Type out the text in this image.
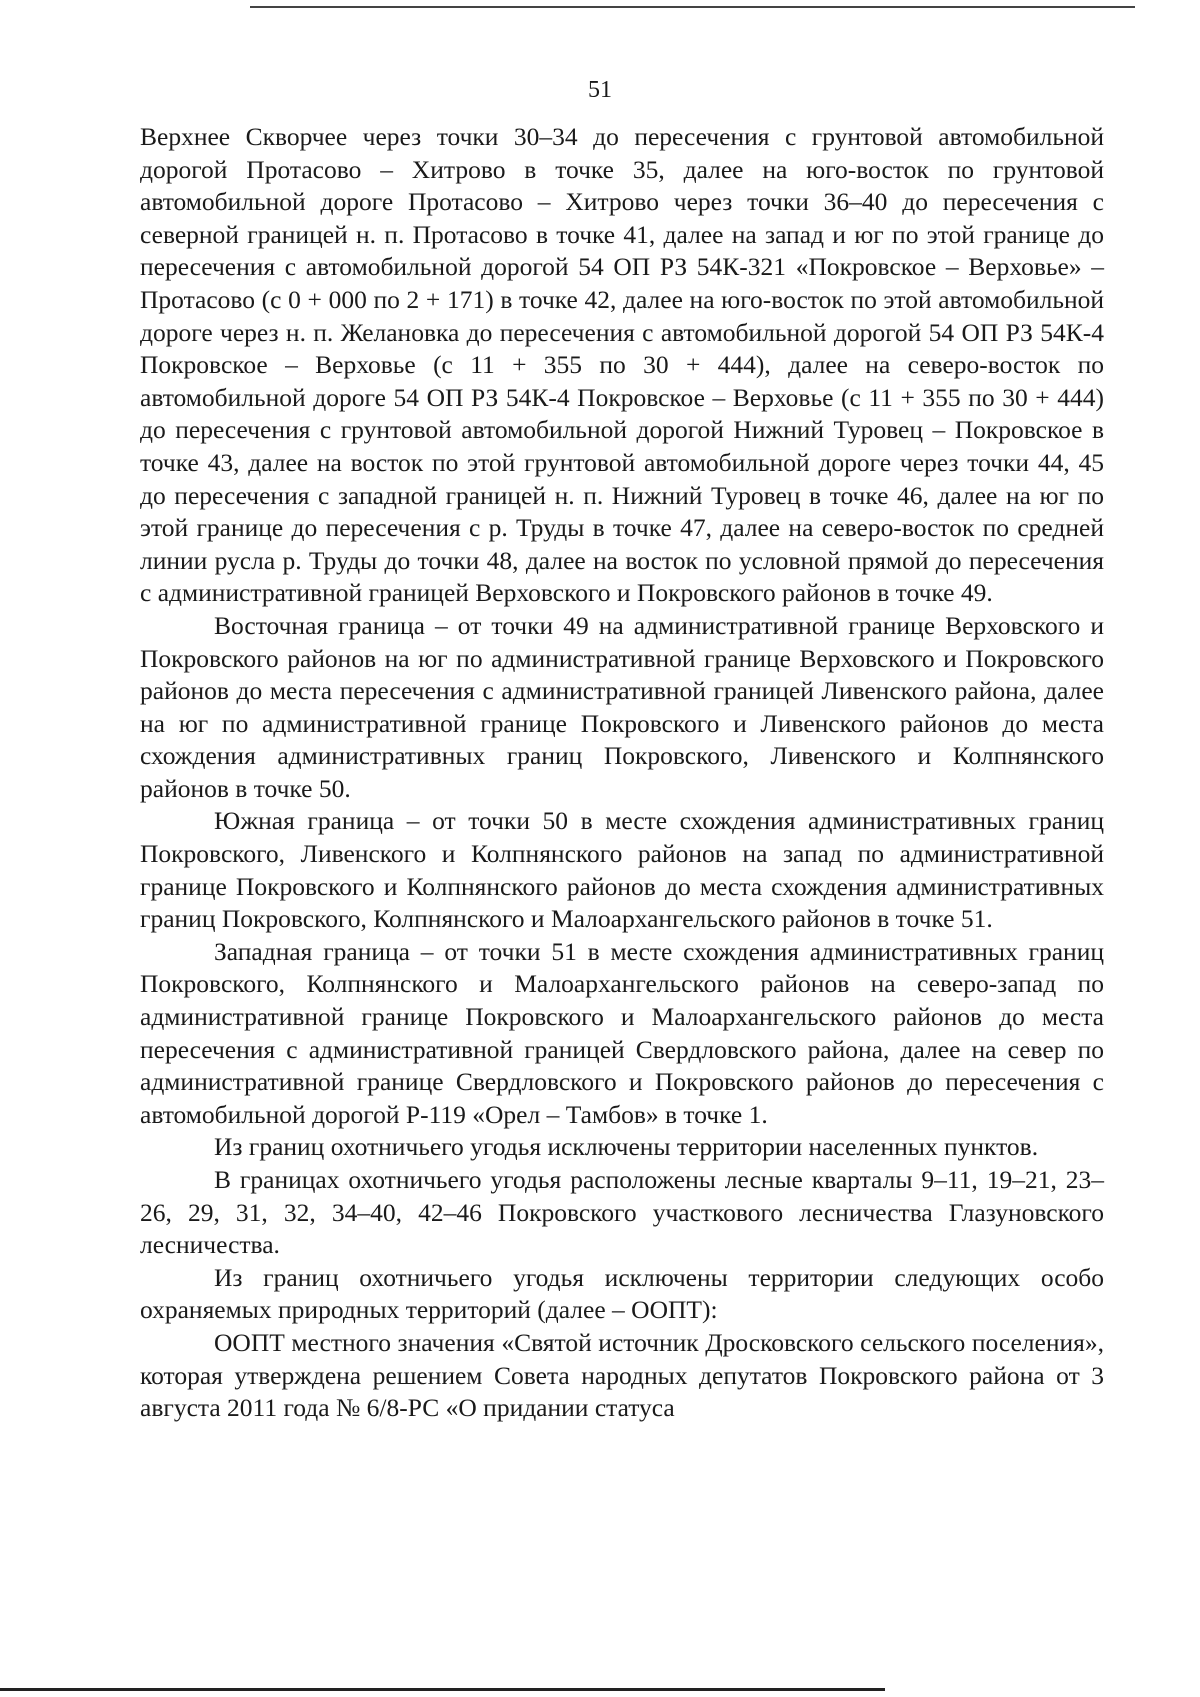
51

Верхнее Скворчее через точки 30–34 до пересечения с грунтовой автомобильной дорогой Протасово – Хитрово в точке 35, далее на юго-восток по грунтовой автомобильной дороге Протасово – Хитрово через точки 36–40 до пересечения с северной границей н. п. Протасово в точке 41, далее на запад и юг по этой границе до пересечения с автомобильной дорогой 54 ОП РЗ 54К-321 «Покровское – Верховье» – Протасово (с 0 + 000 по 2 + 171) в точке 42, далее на юго-восток по этой автомобильной дороге через н. п. Желановка до пересечения с автомобильной дорогой 54 ОП РЗ 54К-4 Покровское – Верховье (с 11 + 355 по 30 + 444), далее на северо-восток по автомобильной дороге 54 ОП РЗ 54К-4 Покровское – Верховье (с 11 + 355 по 30 + 444) до пересечения с грунтовой автомобильной дорогой Нижний Туровец – Покровское в точке 43, далее на восток по этой грунтовой автомобильной дороге через точки 44, 45 до пересечения с западной границей н. п. Нижний Туровец в точке 46, далее на юг по этой границе до пересечения с р. Труды в точке 47, далее на северо-восток по средней линии русла р. Труды до точки 48, далее на восток по условной прямой до пересечения с административной границей Верховского и Покровского районов в точке 49.

Восточная граница – от точки 49 на административной границе Верховского и Покровского районов на юг по административной границе Верховского и Покровского районов до места пересечения с административной границей Ливенского района, далее на юг по административной границе Покровского и Ливенского районов до места схождения административных границ Покровского, Ливенского и Колпнянского районов в точке 50.

Южная граница – от точки 50 в месте схождения административных границ Покровского, Ливенского и Колпнянского районов на запад по административной границе Покровского и Колпнянского районов до места схождения административных границ Покровского, Колпнянского и Малоархангельского районов в точке 51.

Западная граница – от точки 51 в месте схождения административных границ Покровского, Колпнянского и Малоархангельского районов на северо-запад по административной границе Покровского и Малоархангельского районов до места пересечения с административной границей Свердловского района, далее на север по административной границе Свердловского и Покровского районов до пересечения с автомобильной дорогой Р-119 «Орел – Тамбов» в точке 1.

Из границ охотничьего угодья исключены территории населенных пунктов.

В границах охотничьего угодья расположены лесные кварталы 9–11, 19–21, 23–26, 29, 31, 32, 34–40, 42–46 Покровского участкового лесничества Глазуновского лесничества.

Из границ охотничьего угодья исключены территории следующих особо охраняемых природных территорий (далее – ООПТ):

ООПТ местного значения «Святой источник Дросковского сельского поселения», которая утверждена решением Совета народных депутатов Покровского района от 3 августа 2011 года № 6/8-РС «О придании статуса
